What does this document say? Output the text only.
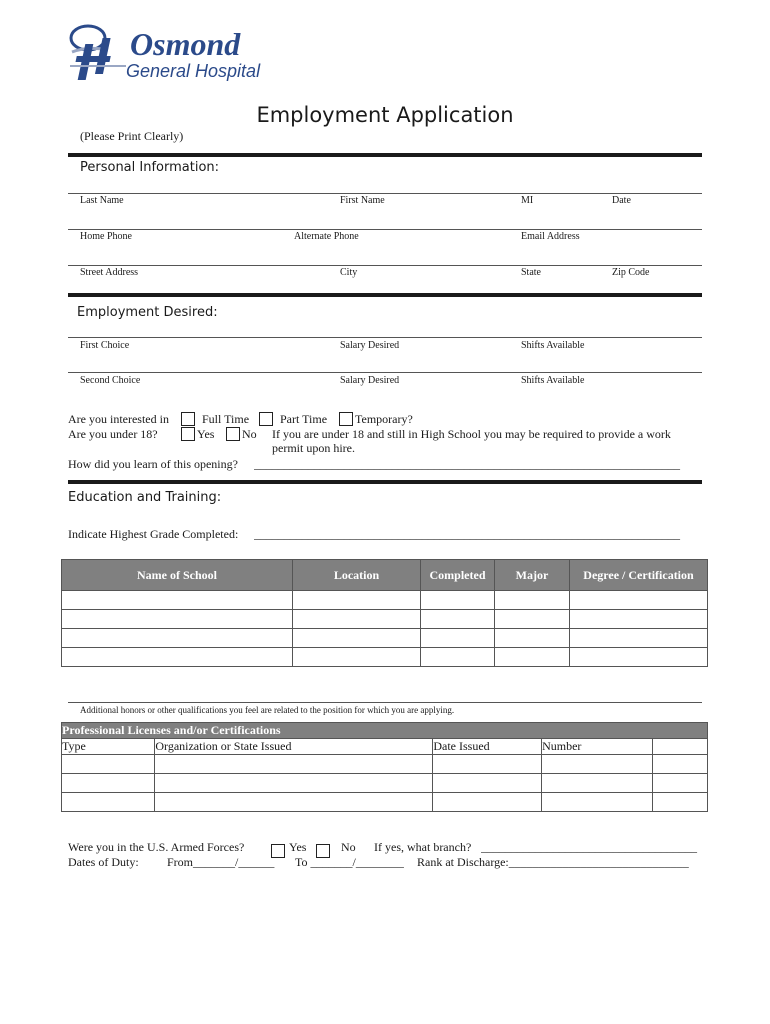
Osmond
General Hospital
Employment Application
(Please Print Clearly)
Personal Information:
Last Name	First Name	MI	Date
Home Phone	Alternate Phone	Email Address
Street Address	City	State	Zip Code
Employment Desired:
First Choice	Salary Desired	Shifts Available
Second Choice	Salary Desired	Shifts Available
Are you interested in	Full Time	Part Time Temporary?
Are you under 18?	Yes No If you are under 18 and still in High School you may be required to provide a work permit upon hire.
How did you learn of this opening? _______________________________________________________________________
Education and Training:
Indicate Highest Grade Completed: _______________________________________________________________________
Name of School	Location	Completed	Major	Degree / Certification

Additional honors or other qualifications you feel are related to the position for which you are applying.
Professional Licenses and/or Certifications				
Type	Organization or State Issued	Date Issued	Number	

Were you in the U.S. Armed Forces?	Yes	No If yes, what branch? ____________________________________
Dates of Duty: From_______/______ To _______/________ Rank at Discharge:______________________________
